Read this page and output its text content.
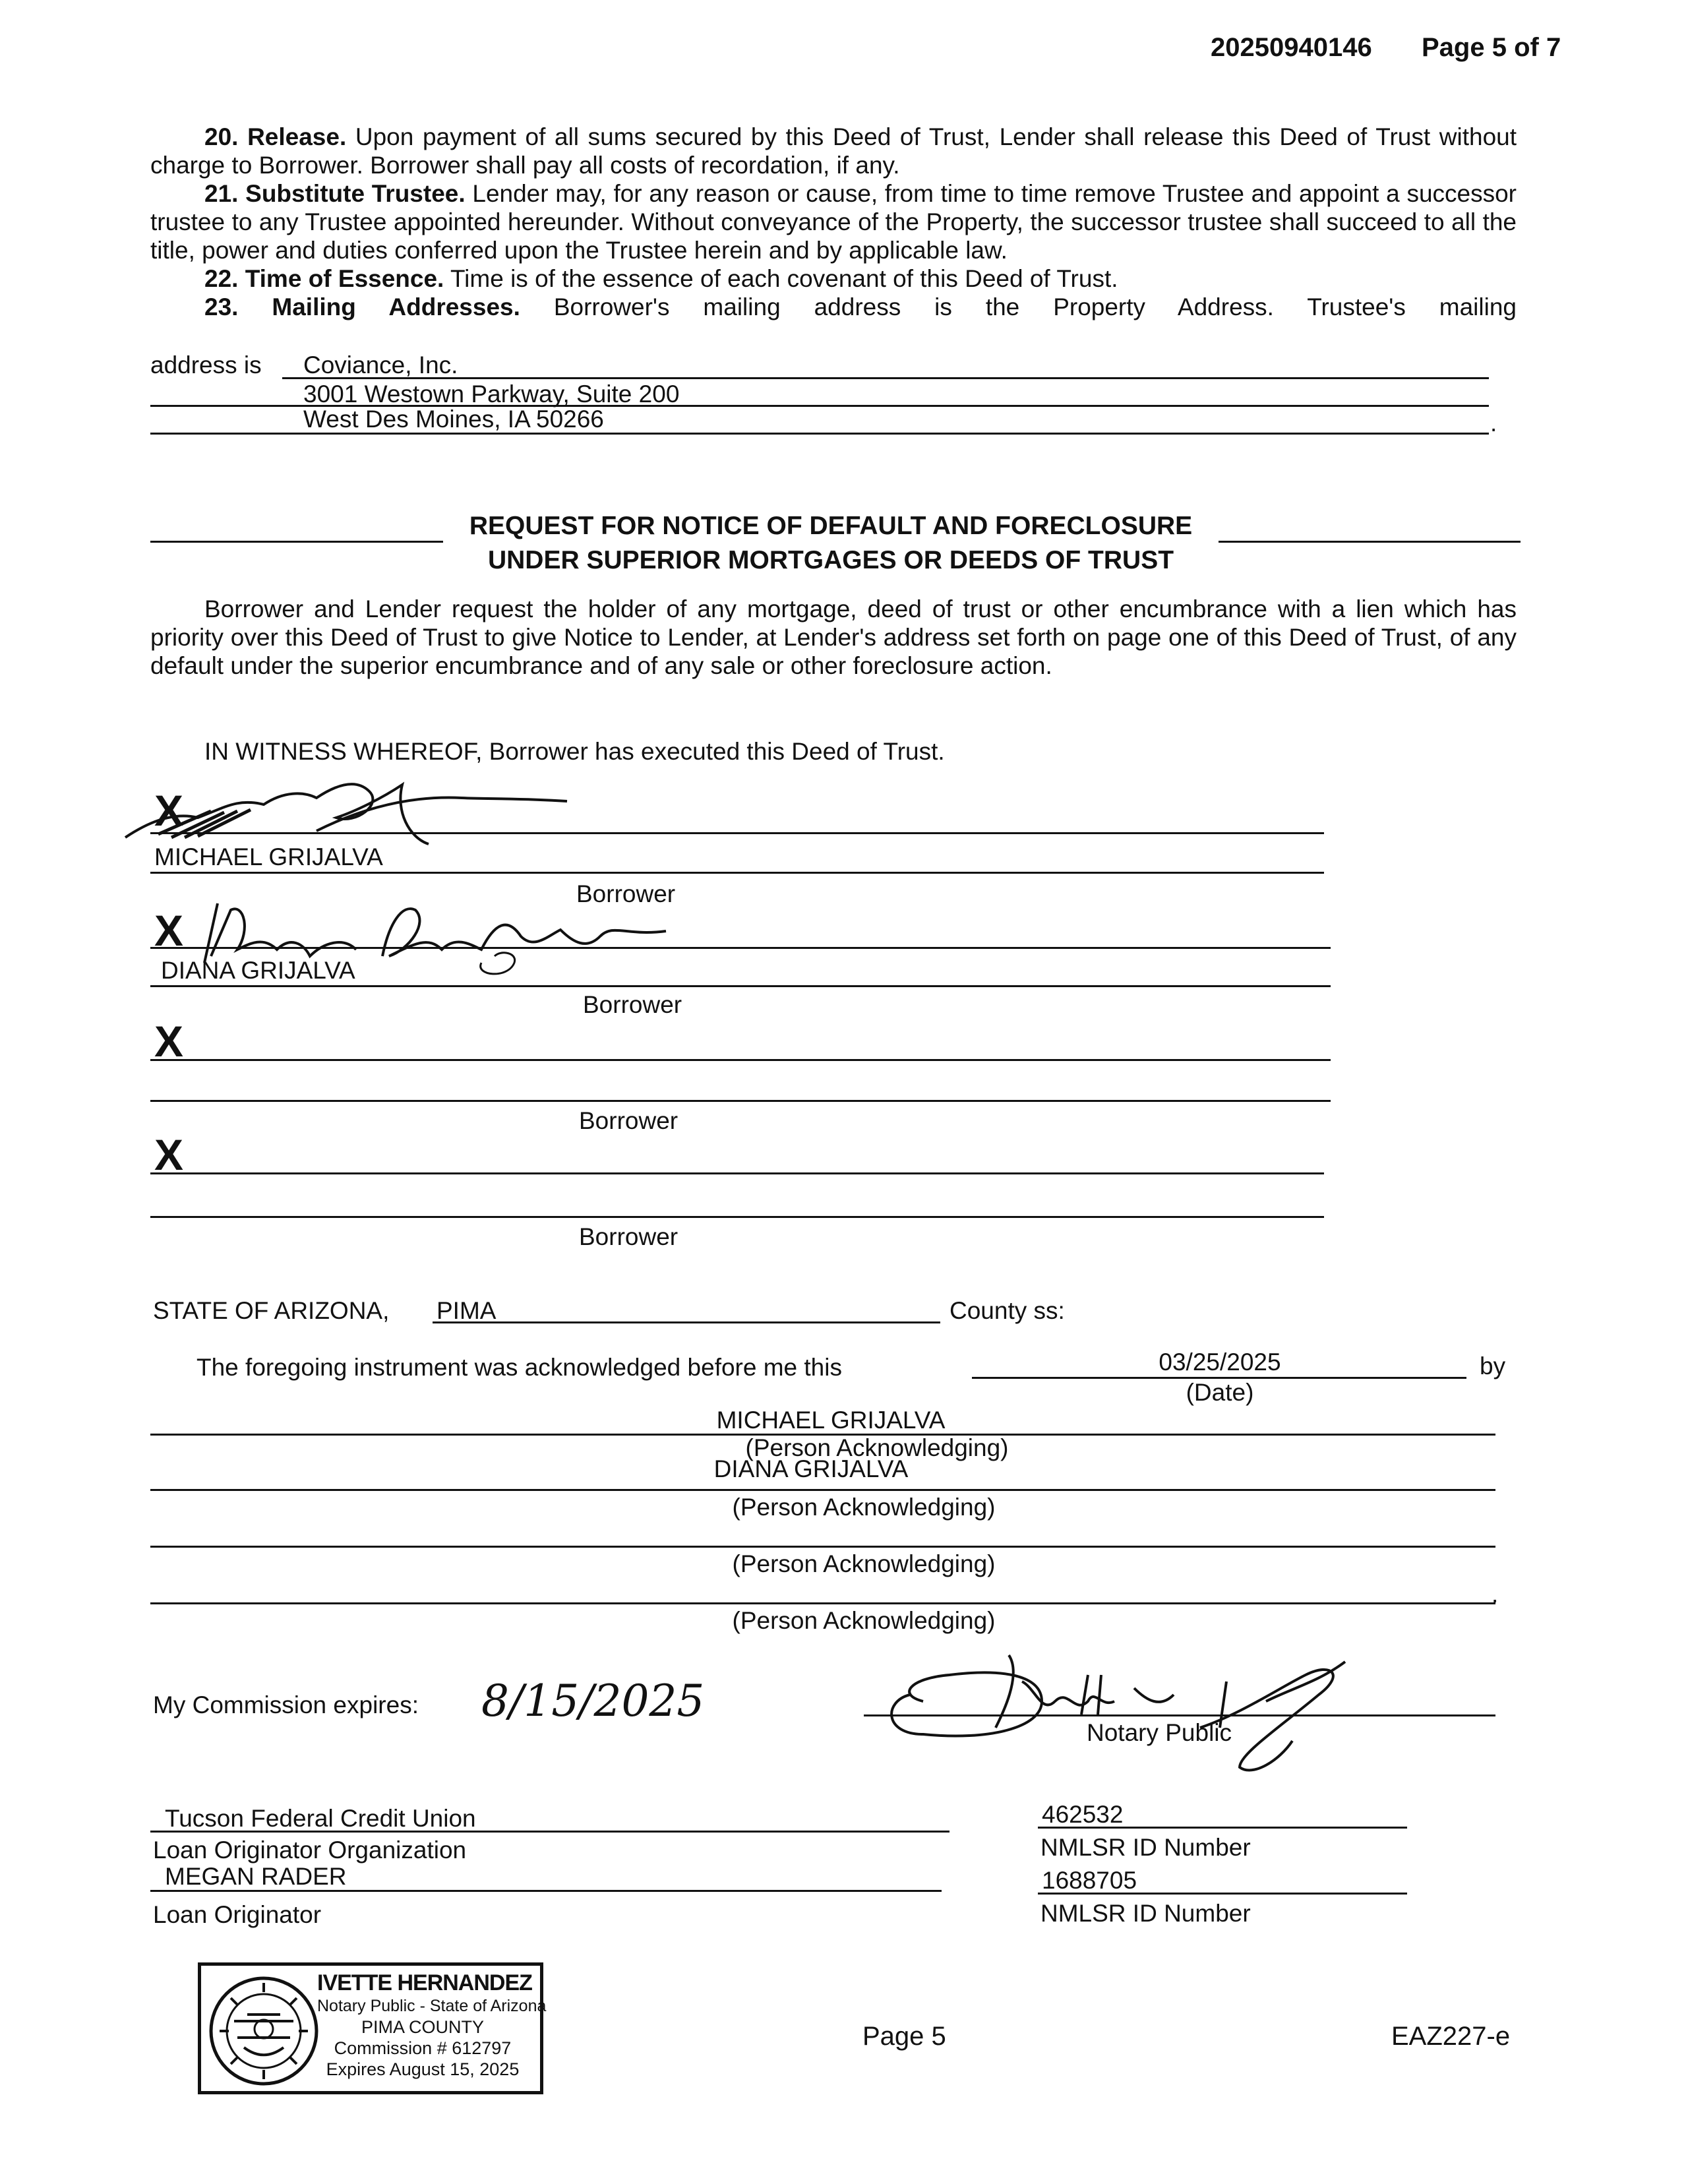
20250940146 Page 5 of 7

20. Release. Upon payment of all sums secured by this Deed of Trust, Lender shall release this Deed of Trust without charge to Borrower. Borrower shall pay all costs of recordation, if any.

21. Substitute Trustee. Lender may, for any reason or cause, from time to time remove Trustee and appoint a successor trustee to any Trustee appointed hereunder. Without conveyance of the Property, the successor trustee shall succeed to all the title, power and duties conferred upon the Trustee herein and by applicable law.

22. Time of Essence. Time is of the essence of each covenant of this Deed of Trust.

23. Mailing Addresses. Borrower's mailing address is the Property Address. Trustee's mailing

address is Coviance, Inc.
3001 Westown Parkway, Suite 200
West Des Moines, IA 50266	.
REQUEST FOR NOTICE OF DEFAULT AND FORECLOSURE
UNDER SUPERIOR MORTGAGES OR DEEDS OF TRUST

Borrower and Lender request the holder of any mortgage, deed of trust or other encumbrance with a lien which has priority over this Deed of Trust to give Notice to Lender, at Lender's address set forth on page one of this Deed of Trust, of any default under the superior encumbrance and of any sale or other foreclosure action.

IN WITNESS WHEREOF, Borrower has executed this Deed of Trust.
X
MICHAEL GRIJALVA
Borrower
X
DIANA GRIJALVA
Borrower
X
Borrower
X
Borrower
STATE OF ARIZONA, PIMA	County ss:
The foregoing instrument was acknowledged before me this	03/25/2025	by
(Date)
MICHAEL GRIJALVA
(Person Acknowledging)
DIANA GRIJALVA
(Person Acknowledging)
(Person Acknowledging)
.
(Person Acknowledging)
My Commission expires: 8/15/2025
Notary Public
Tucson Federal Credit Union
Loan Originator Organization
462532
NMLSR ID Number
MEGAN RADER
Loan Originator
1688705
NMLSR ID Number
IVETTE HERNANDEZ
Notary Public - State of Arizona
PIMA COUNTY
Commission # 612797
Expires August 15, 2025
Page 5	EAZ227-e
